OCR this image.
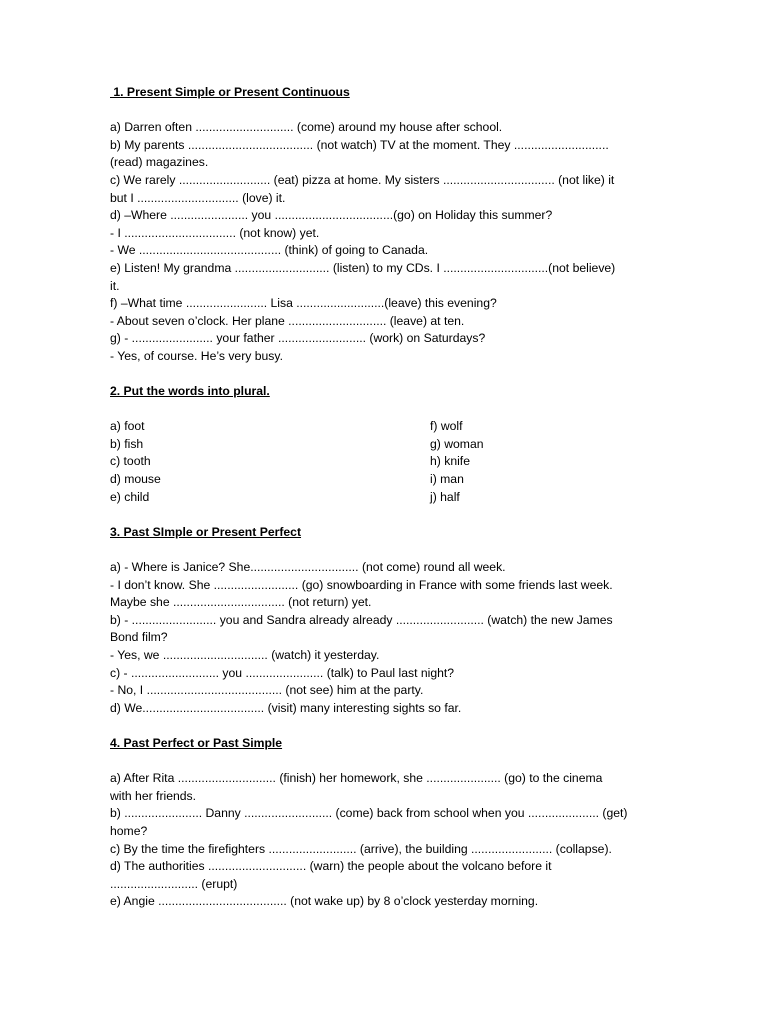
1. Present Simple or Present Continuous
a) Darren often ............................. (come) around my house after school.
b) My parents ..................................... (not watch) TV at the moment. They ............................
(read) magazines.
c) We rarely ........................... (eat) pizza at home. My sisters ................................. (not like) it
but I .............................. (love) it.
d) –Where ....................... you ...................................(go) on Holiday this summer?
- I ................................. (not know) yet.
- We .......................................... (think) of going to Canada.
e) Listen! My grandma ............................ (listen) to my CDs. I ...............................(not believe)
it.
f) –What time ........................ Lisa ..........................(leave) this evening?
- About seven o’clock. Her plane ............................. (leave) at ten.
g) - ........................ your father .......................... (work) on Saturdays?
- Yes, of course. He’s very busy.
2. Put the words into plural.
a) foot	f) wolf
b) fish	g) woman
c) tooth	h) knife
d) mouse	i) man
e) child	j) half
3. Past SImple or Present Perfect
a) - Where is Janice? She................................ (not come) round all week.
- I don’t know. She ......................... (go) snowboarding in France with some friends last week.
Maybe she ................................. (not return) yet.
b) - ......................... you and Sandra already already .......................... (watch) the new James
Bond film?
- Yes, we ............................... (watch) it yesterday.
c) - .......................... you ....................... (talk) to Paul last night?
- No, I ........................................ (not see) him at the party.
d) We.................................... (visit) many interesting sights so far.
4. Past Perfect or Past Simple
a) After Rita ............................. (finish) her homework, she ...................... (go) to the cinema
with her friends.
b) ....................... Danny .......................... (come) back from school when you ..................... (get)
home?
c) By the time the firefighters .......................... (arrive), the building ........................ (collapse).
d) The authorities ............................. (warn) the people about the volcano before it
.......................... (erupt)
e) Angie ...................................... (not wake up) by 8 o’clock yesterday morning.
